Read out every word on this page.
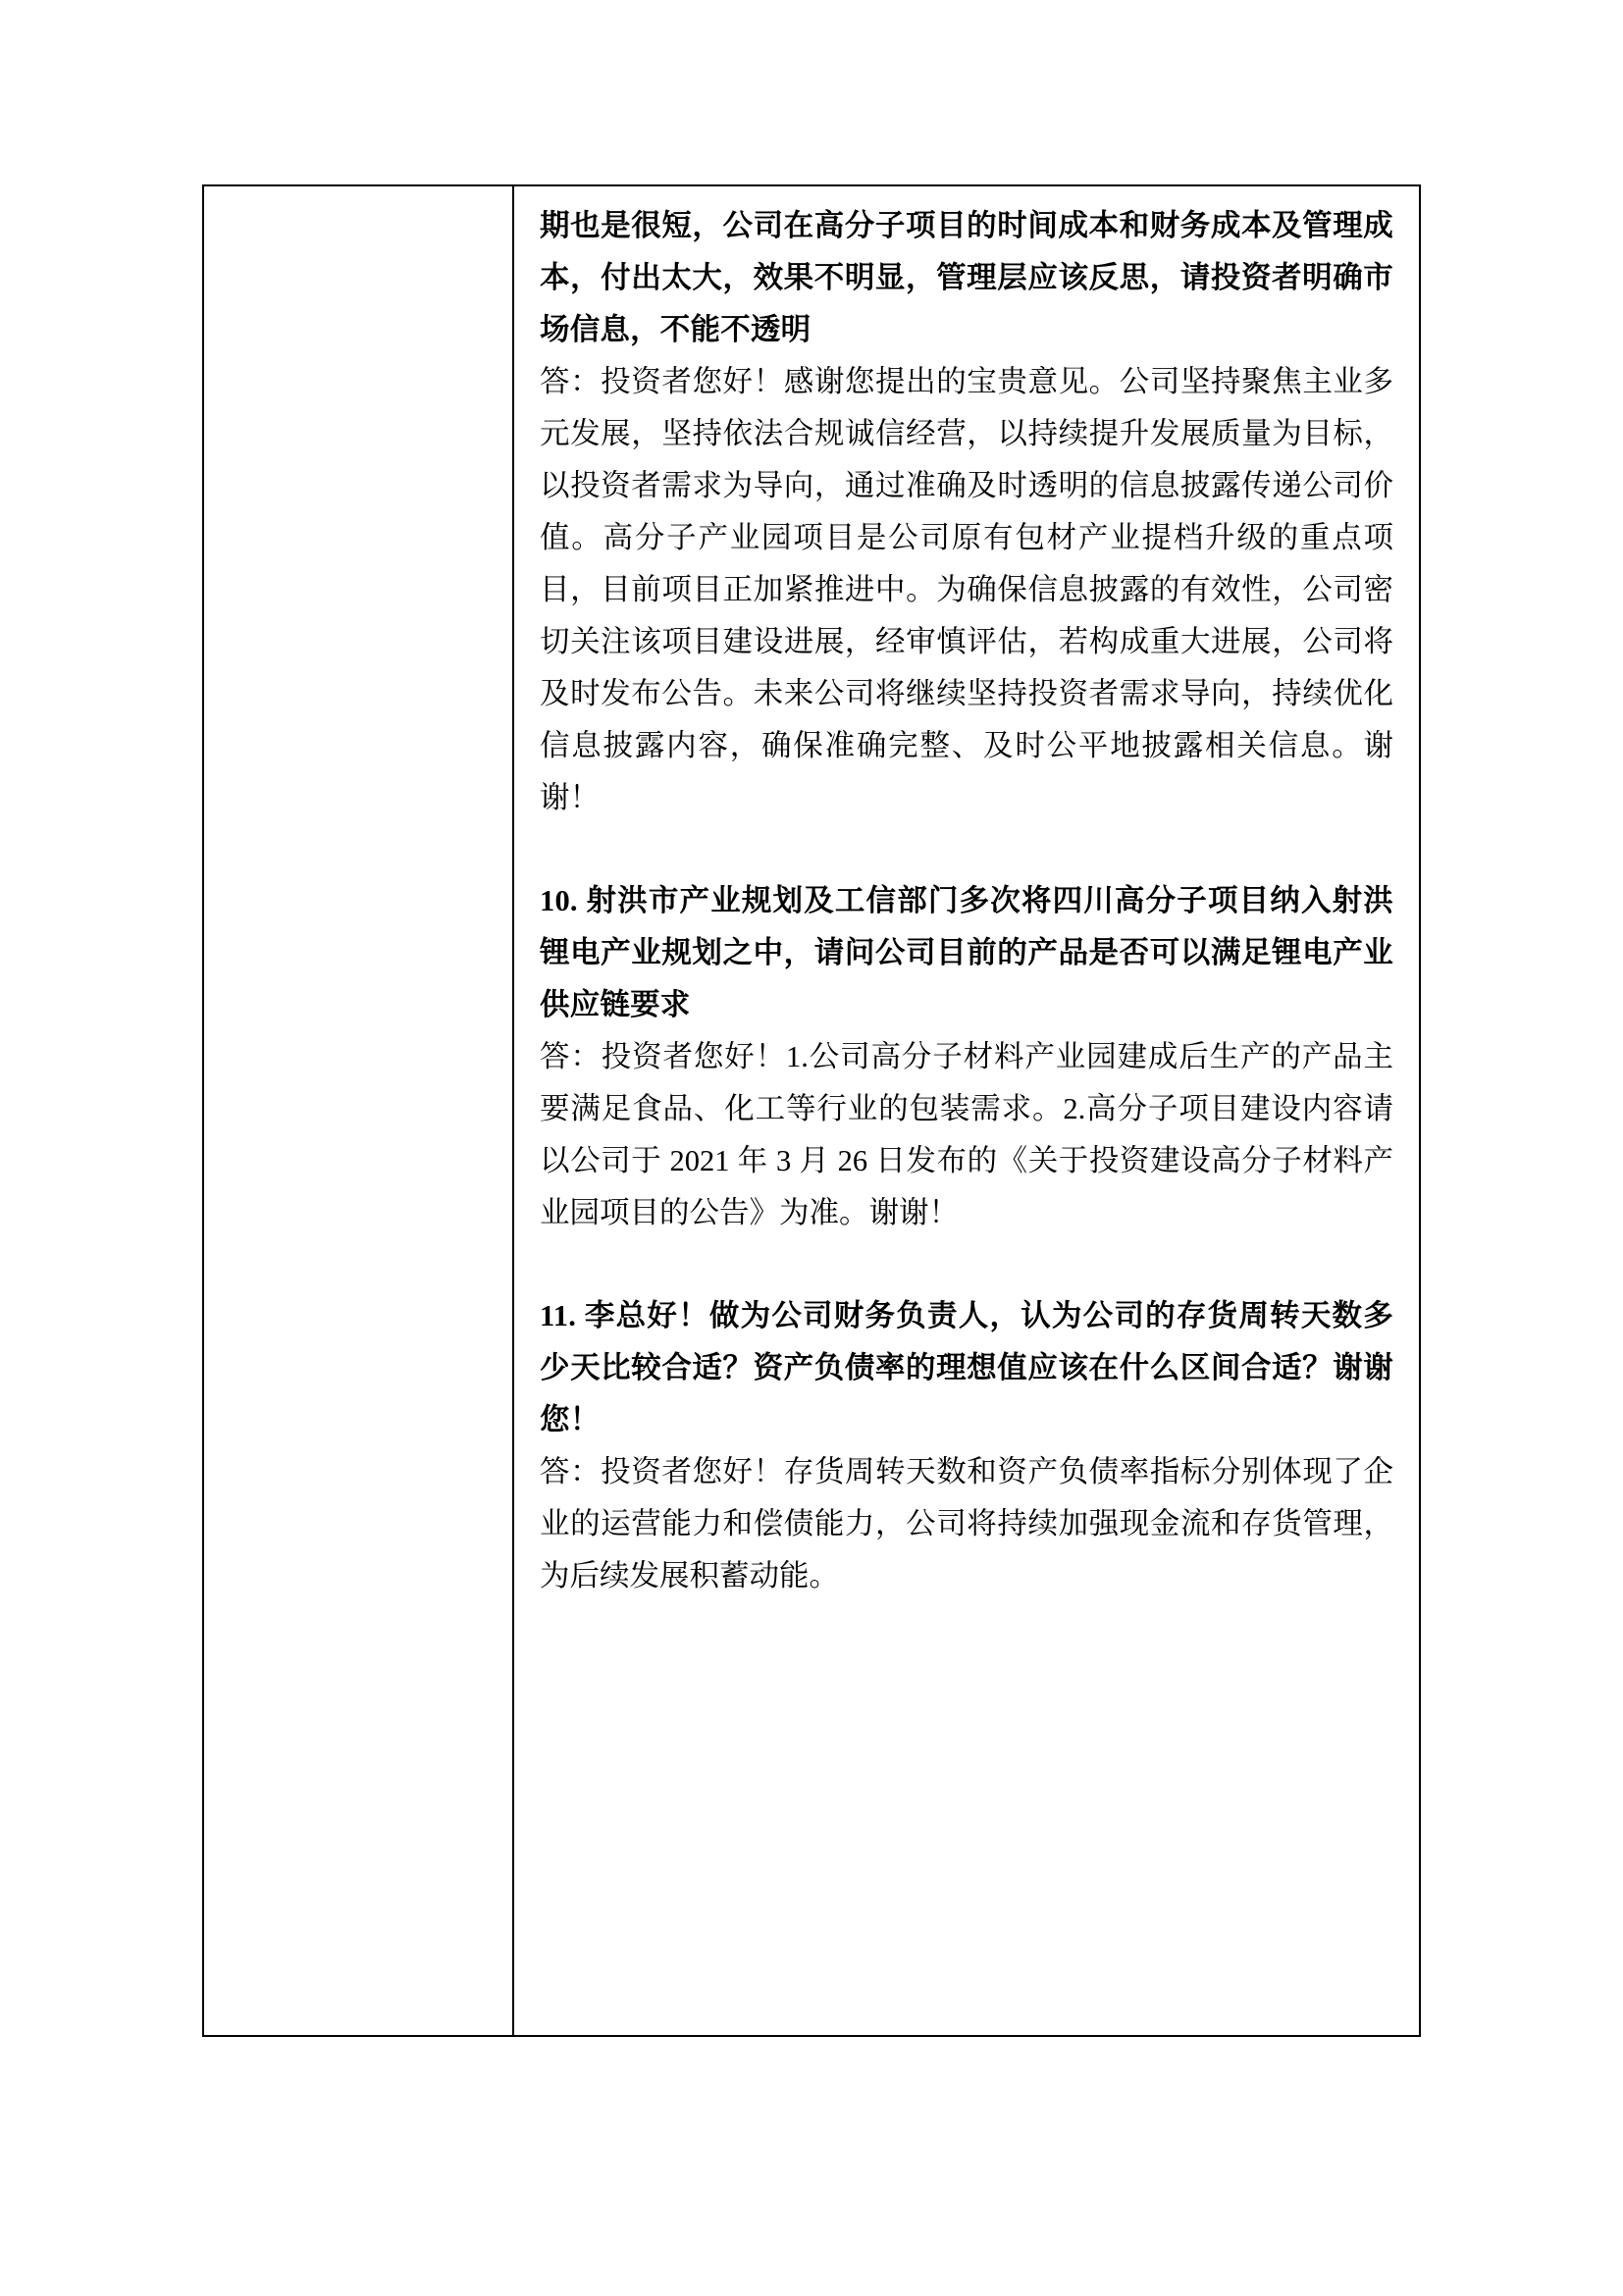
期也是很短，公司在高分子项目的时间成本和财务成本及管理成本，付出太大，效果不明显，管理层应该反思，请投资者明确市场信息，不能不透明

答：投资者您好！感谢您提出的宝贵意见。公司坚持聚焦主业多元发展，坚持依法合规诚信经营，以持续提升发展质量为目标，以投资者需求为导向，通过准确及时透明的信息披露传递公司价值。高分子产业园项目是公司原有包材产业提档升级的重点项目，目前项目正加紧推进中。为确保信息披露的有效性，公司密切关注该项目建设进展，经审慎评估，若构成重大进展，公司将及时发布公告。未来公司将继续坚持投资者需求导向，持续优化信息披露内容，确保准确完整、及时公平地披露相关信息。谢谢！

10. 射洪市产业规划及工信部门多次将四川高分子项目纳入射洪锂电产业规划之中，请问公司目前的产品是否可以满足锂电产业供应链要求

答：投资者您好！1.公司高分子材料产业园建成后生产的产品主要满足食品、化工等行业的包装需求。2.高分子项目建设内容请以公司于 2021 年 3 月 26 日发布的《关于投资建设高分子材料产业园项目的公告》为准。谢谢！

11. 李总好！做为公司财务负责人，认为公司的存货周转天数多少天比较合适？资产负债率的理想值应该在什么区间合适？谢谢您！

答：投资者您好！存货周转天数和资产负债率指标分别体现了企业的运营能力和偿债能力，公司将持续加强现金流和存货管理，为后续发展积蓄动能。
